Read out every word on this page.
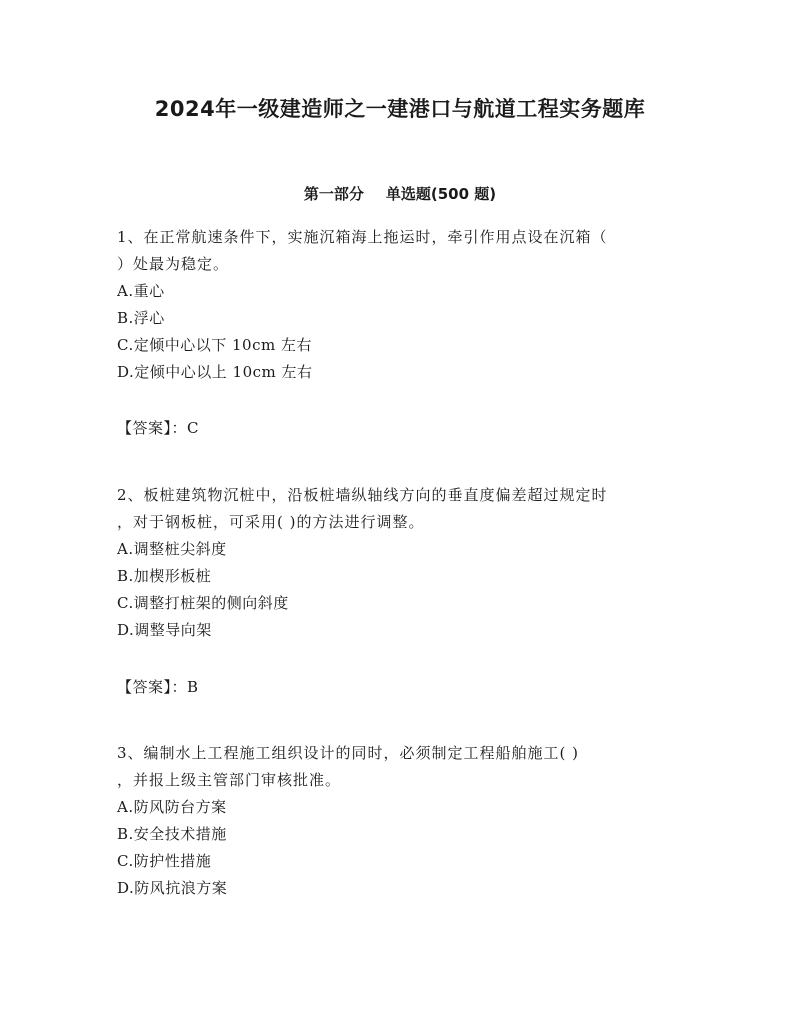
2024年一级建造师之一建港口与航道工程实务题库
第一部分 单选题(500 题)
1、在正常航速条件下，实施沉箱海上拖运时，牵引作用点设在沉箱（
）处最为稳定。
A.重心
B.浮心
C.定倾中心以下 10cm 左右
D.定倾中心以上 10cm 左右
【答案】：C
2、板桩建筑物沉桩中，沿板桩墙纵轴线方向的垂直度偏差超过规定时
，对于钢板桩，可采用( )的方法进行调整。
A.调整桩尖斜度
B.加楔形板桩
C.调整打桩架的侧向斜度
D.调整导向架
【答案】：B
3、编制水上工程施工组织设计的同时，必须制定工程船舶施工( )
，并报上级主管部门审核批准。
A.防风防台方案
B.安全技术措施
C.防护性措施
D.防风抗浪方案
